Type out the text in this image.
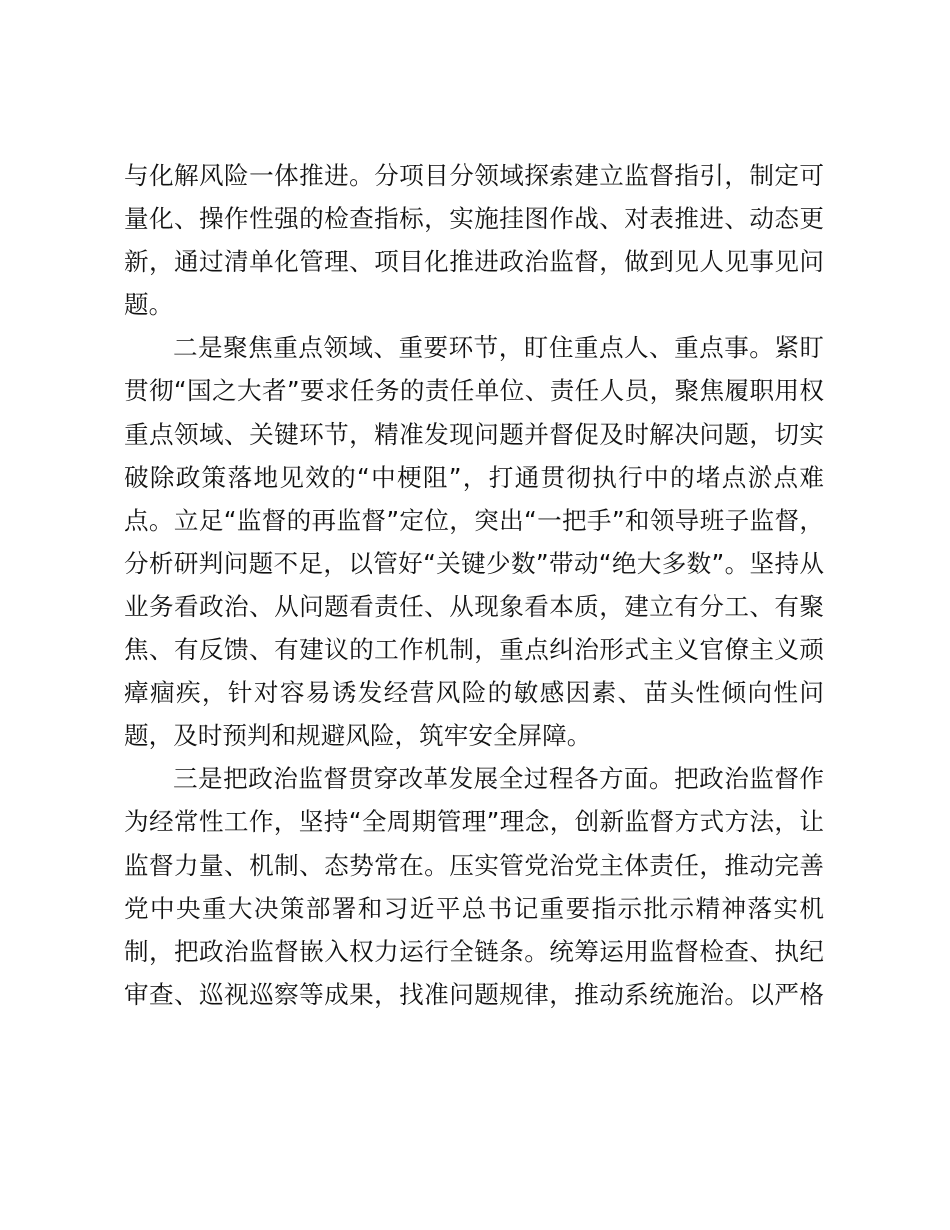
与化解风险一体推进。分项目分领域探索建立监督指引，制定可
量化、操作性强的检查指标，实施挂图作战、对表推进、动态更
新，通过清单化管理、项目化推进政治监督，做到见人见事见问
题。
二是聚焦重点领域、重要环节，盯住重点人、重点事。紧盯
贯彻“国之大者”要求任务的责任单位、责任人员，聚焦履职用权
重点领域、关键环节，精准发现问题并督促及时解决问题，切实
破除政策落地见效的“中梗阻”，打通贯彻执行中的堵点淤点难
点。立足“监督的再监督”定位，突出“一把手”和领导班子监督，
分析研判问题不足，以管好“关键少数”带动“绝大多数”。坚持从
业务看政治、从问题看责任、从现象看本质，建立有分工、有聚
焦、有反馈、有建议的工作机制，重点纠治形式主义官僚主义顽
瘴痼疾，针对容易诱发经营风险的敏感因素、苗头性倾向性问
题，及时预判和规避风险，筑牢安全屏障。
三是把政治监督贯穿改革发展全过程各方面。把政治监督作
为经常性工作，坚持“全周期管理”理念，创新监督方式方法，让
监督力量、机制、态势常在。压实管党治党主体责任，推动完善
党中央重大决策部署和习近平总书记重要指示批示精神落实机
制，把政治监督嵌入权力运行全链条。统筹运用监督检查、执纪
审查、巡视巡察等成果，找准问题规律，推动系统施治。以严格
